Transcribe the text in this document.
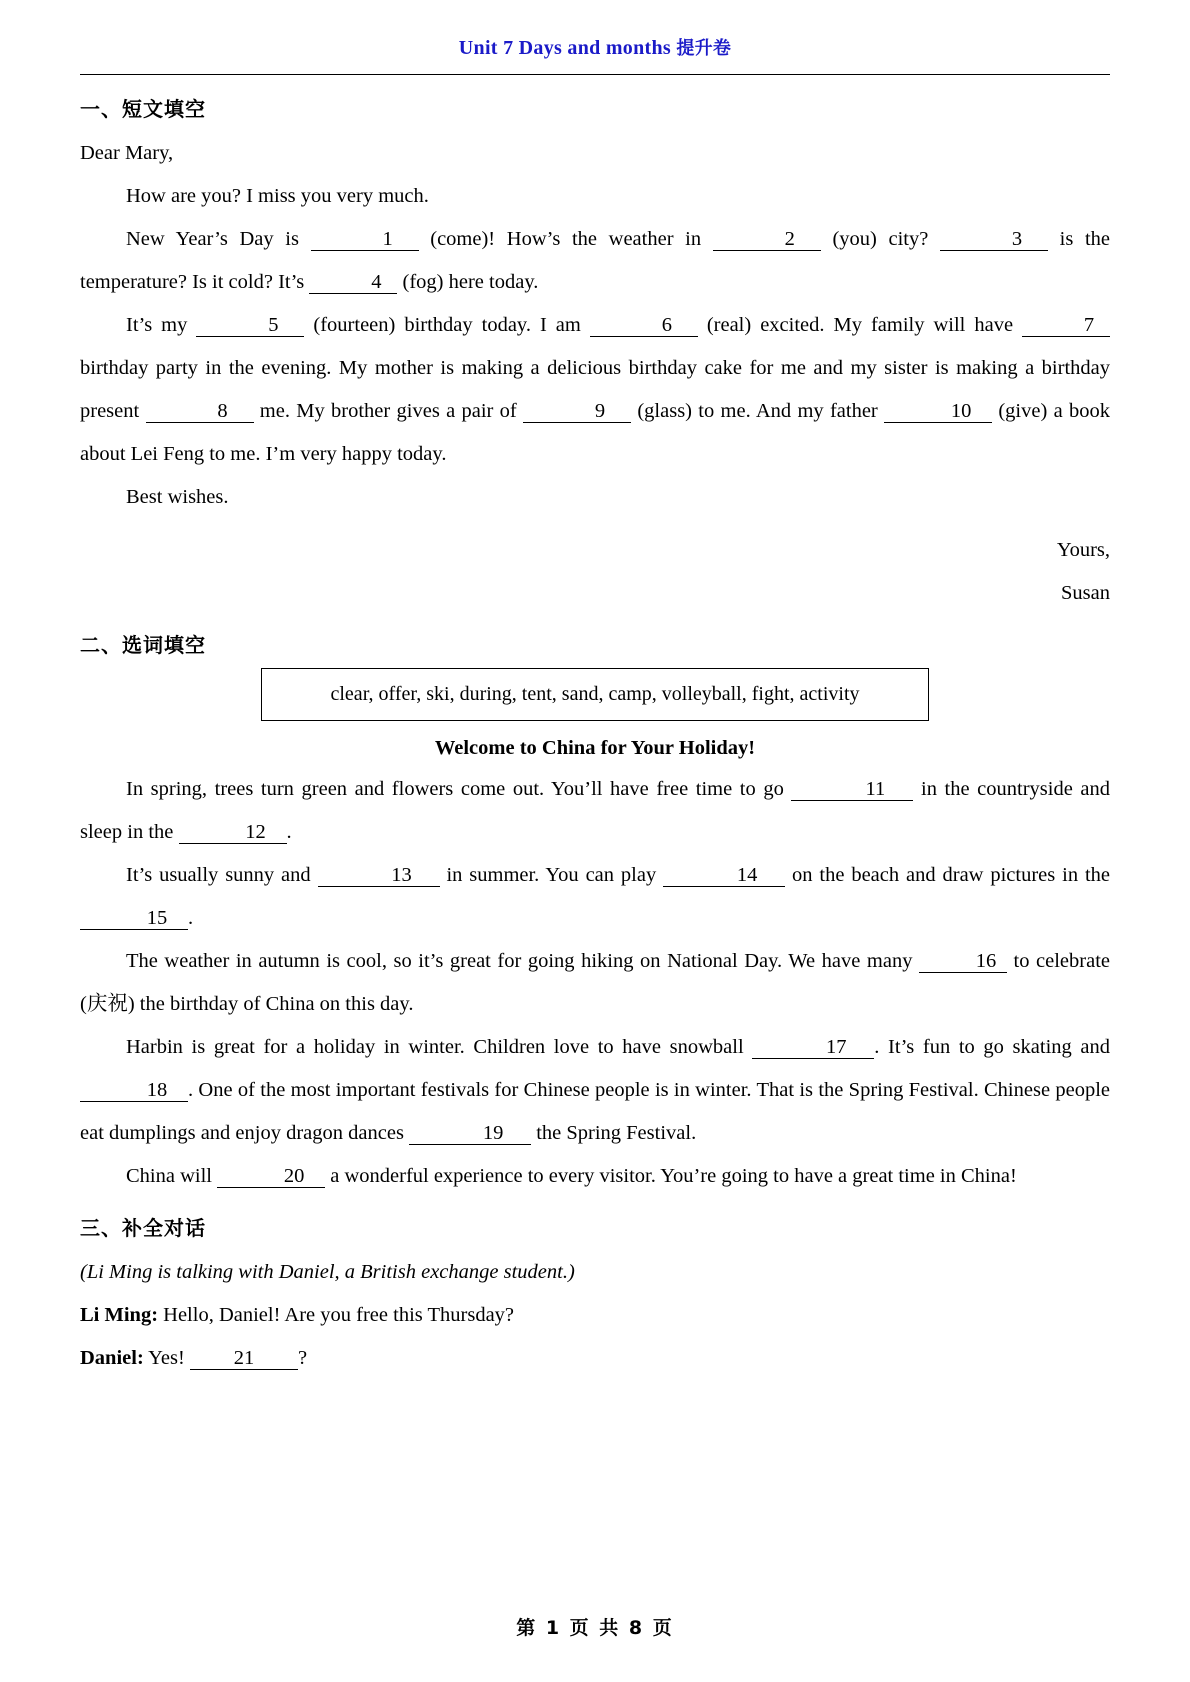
Unit 7 Days and months 提升卷
一、短文填空

Dear Mary,

How are you? I miss you very much.

New Year’s Day is	1 (come)! How’s the weather in	2 (you) city?	3 is the temperature? Is it cold? It’s	4 (fog) here today.

It’s my	5 (fourteen) birthday today. I am	6 (real) excited. My family will have	7 birthday party in the evening. My mother is making a delicious birthday cake for me and my sister is making a birthday present	8 me. My brother gives a pair of	9 (glass) to me. And my father	10 (give) a book about Lei Feng to me. I’m very happy today.

Best wishes.

Yours,

Susan

二、选词填空
clear, offer, ski, during, tent, sand, camp, volleyball, fight, activity
Welcome to China for Your Holiday!

In spring, trees turn green and flowers come out. You’ll have free time to go	11 in the countryside and sleep in the	12 .

It’s usually sunny and	13 in summer. You can play	14 on the beach and draw pictures in the 15 .

The weather in autumn is cool, so it’s great for going hiking on National Day. We have many	16 to celebrate (庆祝) the birthday of China on this day.

Harbin is great for a holiday in winter. Children love to have snowball	17 . It’s fun to go skating and 18 . One of the most important festivals for Chinese people is in winter. That is the Spring Festival. Chinese people eat dumplings and enjoy dragon dances	19 the Spring Festival.

China will	20 a wonderful experience to every visitor. You’re going to have a great time in China!

三、补全对话

(Li Ming is talking with Daniel, a British exchange student.)

Li Ming: Hello, Daniel! Are you free this Thursday?

Daniel: Yes! 21 ?

第 1 页 共 8 页
